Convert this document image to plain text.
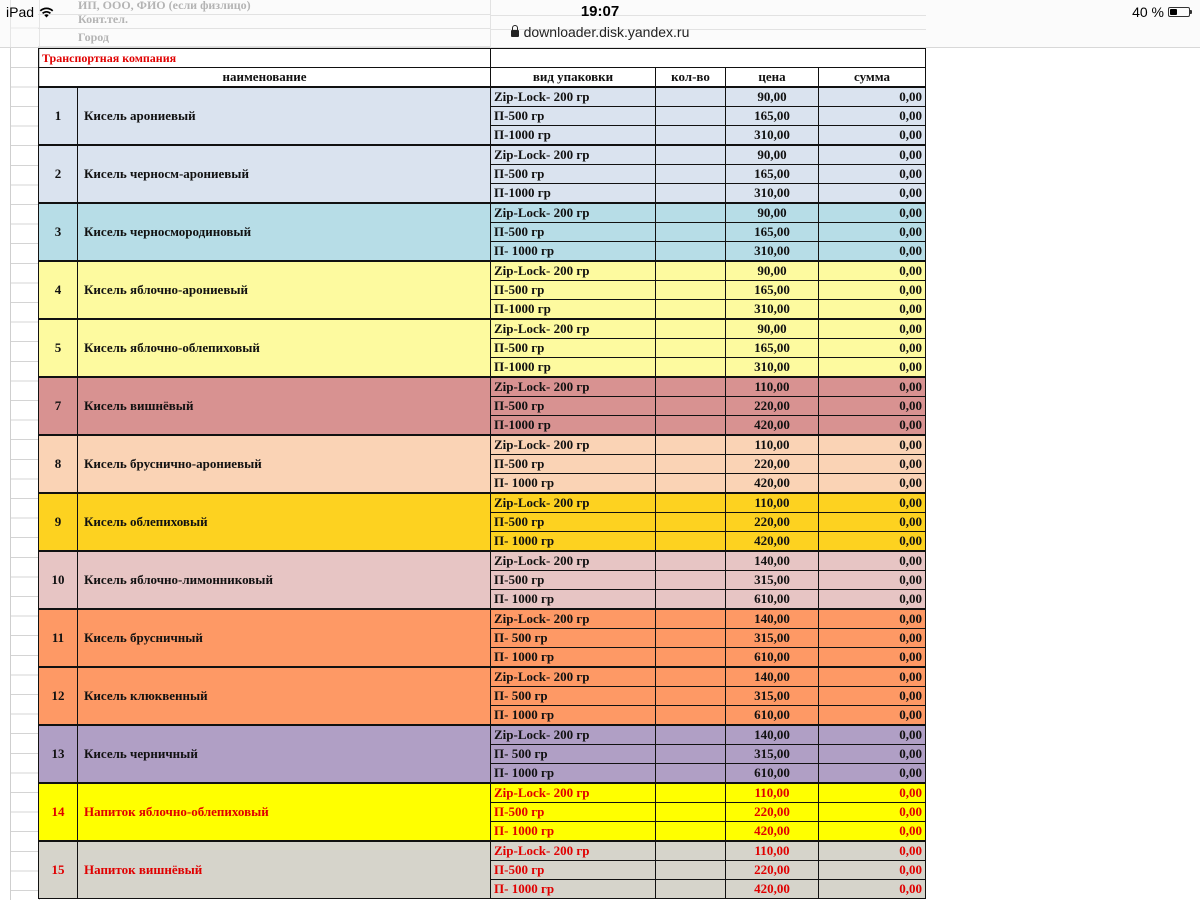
ИП, ООО, ФИО (если физлицо)
Конт.тел.
Город
Транспортная компания					
наименование		вид упаковки	кол-во	цена	сумма
1	Кисель арониевый	Zip-Lock- 200 гр		90,00	0,00
		П-500 гр		165,00	0,00
		П-1000 гр		310,00	0,00
2	Кисель черносм-арониевый	Zip-Lock- 200 гр		90,00	0,00
		П-500 гр		165,00	0,00
		П-1000 гр		310,00	0,00
3	Кисель черносмородиновый	Zip-Lock- 200 гр		90,00	0,00
		П-500 гр		165,00	0,00
		П- 1000 гр		310,00	0,00
4	Кисель яблочно-арониевый	Zip-Lock- 200 гр		90,00	0,00
		П-500 гр		165,00	0,00
		П-1000 гр		310,00	0,00
5	Кисель яблочно-облепиховый	Zip-Lock- 200 гр		90,00	0,00
		П-500 гр		165,00	0,00
		П-1000 гр		310,00	0,00
7	Кисель вишнёвый	Zip-Lock- 200 гр		110,00	0,00
		П-500 гр		220,00	0,00
		П-1000 гр		420,00	0,00
8	Кисель бруснично-арониевый	Zip-Lock- 200 гр		110,00	0,00
		П-500 гр		220,00	0,00
		П- 1000 гр		420,00	0,00
9	Кисель облепиховый	Zip-Lock- 200 гр		110,00	0,00
		П-500 гр		220,00	0,00
		П- 1000 гр		420,00	0,00
10	Кисель яблочно-лимонниковый	Zip-Lock- 200 гр		140,00	0,00
		П-500 гр		315,00	0,00
		П- 1000 гр		610,00	0,00
11	Кисель брусничный	Zip-Lock- 200 гр		140,00	0,00
		П- 500 гр		315,00	0,00
		П- 1000 гр		610,00	0,00
12	Кисель клюквенный	Zip-Lock- 200 гр		140,00	0,00
		П- 500 гр		315,00	0,00
		П- 1000 гр		610,00	0,00
13	Кисель черничный	Zip-Lock- 200 гр		140,00	0,00
		П- 500 гр		315,00	0,00
		П- 1000 гр		610,00	0,00
14	Напиток яблочно-облепиховый	Zip-Lock- 200 гр		110,00	0,00
		П-500 гр		220,00	0,00
		П- 1000 гр		420,00	0,00
15	Напиток вишнёвый	Zip-Lock- 200 гр		110,00	0,00
		П-500 гр		220,00	0,00
		П- 1000 гр		420,00	0,00
iPad	19:07	40 %
downloader.disk.yandex.ru
